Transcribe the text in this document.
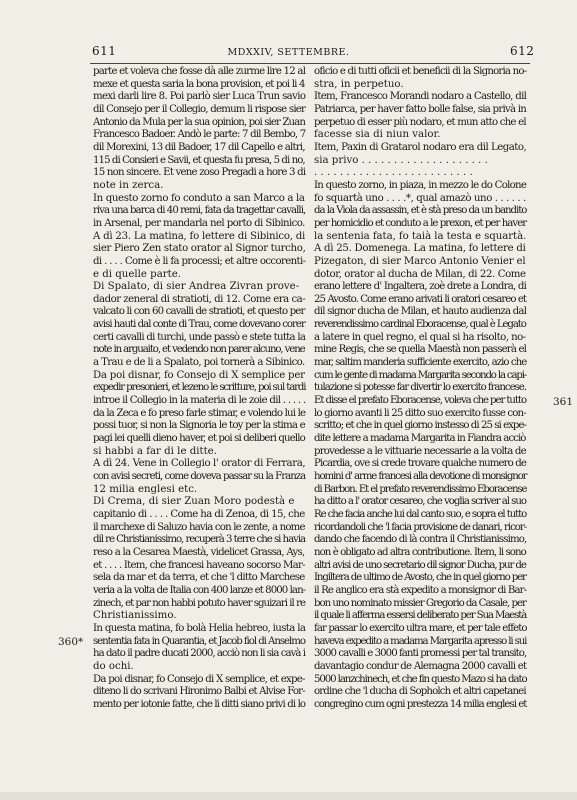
611	MDXXIV, SETTEMBRE.	612
parte et voleva che fosse dà alle zurme lire 12 al
mexe et questa saria la bona provision, et poi li 4
mexi darli lire 8. Poi parlò sier Luca Trun savio
dil Consejo per il Collegio, demum li rispose sier
Antonio da Mula per la sua opinion, poi sier Zuan
Francesco Badoer. Andò le parte: 7 dil Bembo, 7
dil Morexini, 13 dil Badoer, 17 dil Capello e altri,
115 di Consieri e Savii, et questa fu presa, 5 di no,
15 non sincere. Et vene zoso Pregadi a hore 3 di
note in zerca.
In questo zorno fo conduto a san Marco a la
riva una barca di 40 remi, fata da tragettar cavalli,
in Arsenal, per mandarla nel porto di Sibinico.
A dì 23. La matina, fo lettere di Sibinico, di
sier Piero Zen stato orator al Signor turcho,
di . . . . Come è li fa processi; et altre occorenti-
e di quelle parte.
Di Spalato, di sier Andrea Zivran prove-
dador zeneral di stratioti, di 12. Come era ca-
valcato li con 60 cavalli de stratioti, et questo per
avisi hauti dal conte di Trau, come dovevano corer
certi cavalli di turchi, unde passò e stete tutta la
note in arguaito, et vedendo non parer alcuno, vene
a Trau e de li a Spalato, poi tornerà a Sibinico.
Da poi disnar, fo Consejo di X semplice per
expedir presonieri, et lezeno le scritture, poi sul tardi
introe il Collegio in la materia di le zoie dil . . . . .
da la Zeca e fo preso farle stimar, e volendo lui le
possi tuor, si non la Signoria le toy per la stima e
pagi lei quelli dieno haver, et poi si deliberi quello
si habbi a far di le ditte.
A dì 24. Vene in Collegio l' orator di Ferrara,
con avisi secreti, come doveva passar su la Franza
12 milia englesi etc.
Di Crema, di sier Zuan Moro podestà e
capitanio di . . . . Come ha di Zenoa, di 15, che
il marchexe di Saluzo havia con le zente, a nome
dil re Christianissimo, recuperà 3 terre che si havia
reso a la Cesarea Maestà, videlicet Grassa, Ays,
et . . . . Item, che francesi haveano socorso Mar-
sela da mar et da terra, et che 'l ditto Marchese
veria a la volta de Italia con 400 lanze et 8000 lan-
zinech, et par non habbi potuto haver sguizari il re
Christianissimo.
In questa matina, fo bolà Helia hebreo, iusta la
sententia fata in Quarantia, et Jacob fiol di Anselmo
ha dato il padre ducati 2000, acciò non li sia cavà i
do ochi.
Da poi disnar, fo Consejo di X semplice, et expe-
diteno li do scrivani Hironimo Balbi et Alvise For-
mento per iotonie fatte, che li ditti siano privi di lo
oficio e di tutti oficii et beneficii di la Signoria no-
stra, in perpetuo.
Item, Francesco Morandi nodaro a Castello, dil
Patriarca, per haver fatto bolle false, sia privà in
perpetuo di esser più nodaro, et mun atto che el
facesse sia di niun valor.
Item, Paxin di Gratarol nodaro era dil Legato,
sia privo . . . . . . . . . . . . . . . . . . . .
. . . . . . . . . . . . . . . . . . . . . . . . .
In questo zorno, in piaza, in mezzo le do Colone
fo squartà uno . . . .*, qual amazò uno . . . . . .
da la Viola da assassin, et è stà preso da un bandito
per homicidio et conduto a le prexon, et per haver
la sentenia fata, fo taià la testa e squartà.
A dì 25. Domenega. La matina, fo lettere di
Pizegaton, di sier Marco Antonio Venier el
dotor, orator al ducha de Milan, di 22. Come
erano lettere d' Ingaltera, zoè drete a Londra, di
25 Avosto. Come erano arivati li oratori cesareo et
dil signor ducha de Milan, et hauto audienza dal
reverendissimo cardinal Eboracense, qual è Legato
a latere in quel regno, el qual si ha risolto, no-
mine Regis, che se quella Maestà non passerà el
mar, saltim manderia sufficiente exercito, azio che
cum le gente di madama Margarita secondo la capi-
tulazione si potesse far divertir lo exercito francese.
Et disse el prefato Eboracense, voleva che per tutto
lo giorno avanti li 25 ditto suo exercito fusse con-
scritto; et che in quel giorno instesso di 25 si expe-
dite lettere a madama Margarita in Fiandra acciò
provedesse a le vittuarie necessarie a la volta de
Picardia, ove si crede trovare qualche numero de
homini d' arme francesi alla devotione di monsignor
di Barbon. Et el prefato reverendissimo Eboracense
ha ditto a l' orator cesareo, che voglia scriver al suo
Re che facia anche lui dal canto suo, e sopra el tutto
ricordandoli che 'l facia provisione de danari, ricor-
dando che facendo di là contra il Christianissimo,
non è obligato ad altra contributione. Item, li sono
altri avisi de uno secretario dil signor Ducha, pur de
Ingiltera de ultimo de Avosto, che in quel giorno per
il Re anglico era stà expedito a monsignor di Bar-
bon uno nominato missier Gregorio da Casale, per
il quale li afferma essersi deliberato per Sua Maestà
far passar lo exercito ultra mare, et per tale effeto
haveva expedito a madama Margarita apresso li sui
3000 cavalli e 3000 fanti promessi per tal transito,
davantagio condur de Alemagna 2000 cavalli et
5000 lanzchinech, et che fin questo Mazo si ha dato
ordine che 'l ducha di Sopholch et altri capetanei
congregino cum ogni prestezza 14 milia englesi et
361
360*
